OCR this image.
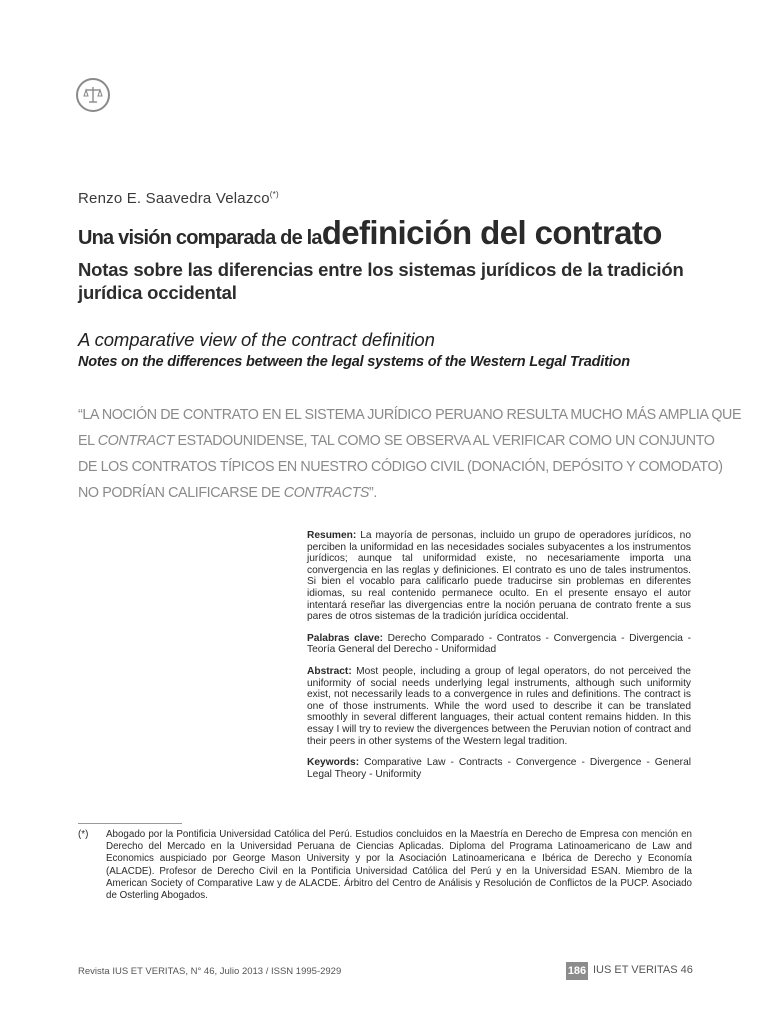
Renzo E. Saavedra Velazco(*)
Una visión comparada de ladefinición del contrato
Notas sobre las diferencias entre los sistemas jurídicos de la tradición jurídica occidental
A comparative view of the contract definition
Notes on the differences between the legal systems of the Western Legal Tradition
“LA NOCIÓN DE CONTRATO EN EL SISTEMA JURÍDICO PERUANO RESULTA MUCHO MÁS AMPLIA QUE
EL CONTRACT ESTADOUNIDENSE, TAL COMO SE OBSERVA AL VERIFICAR COMO UN CONJUNTO
DE LOS CONTRATOS TÍPICOS EN NUESTRO CÓDIGO CIVIL (DONACIÓN, DEPÓSITO Y COMODATO)
NO PODRÍAN CALIFICARSE DE CONTRACTS”.

Resumen: La mayoría de personas, incluido un grupo de operadores jurídicos, no perciben la uniformidad en las necesidades sociales subyacentes a los instrumentos jurídicos; aunque tal uniformidad existe, no necesariamente importa una convergencia en las reglas y definiciones. El contrato es uno de tales instrumentos. Si bien el vocablo para calificarlo puede traducirse sin problemas en diferentes idiomas, su real contenido permanece oculto. En el presente ensayo el autor intentará reseñar las divergencias entre la noción peruana de contrato frente a sus pares de otros sistemas de la tradición jurídica occidental.

Palabras clave: Derecho Comparado - Contratos - Convergencia - Divergencia - Teoría General del Derecho - Uniformidad

Abstract: Most people, including a group of legal operators, do not perceived the uniformity of social needs underlying legal instruments, although such uniformity exist, not necessarily leads to a convergence in rules and definitions. The contract is one of those instruments. While the word used to describe it can be translated smoothly in several different languages, their actual content remains hidden. In this essay I will try to review the divergences between the Peruvian notion of contract and their peers in other systems of the Western legal tradition.

Keywords: Comparative Law - Contracts - Convergence - Divergence - General Legal Theory - Uniformity

(*) Abogado por la Pontificia Universidad Católica del Perú. Estudios concluidos en la Maestría en Derecho de Empresa con mención en Derecho del Mercado en la Universidad Peruana de Ciencias Aplicadas. Diploma del Programa Latinoamericano de Law and Economics auspiciado por George Mason University y por la Asociación Latinoamericana e Ibérica de Derecho y Economía (ALACDE). Profesor de Derecho Civil en la Pontificia Universidad Católica del Perú y en la Universidad ESAN. Miembro de la American Society of Comparative Law y de ALACDE. Árbitro del Centro de Análisis y Resolución de Conflictos de la PUCP. Asociado de Osterling Abogados.
Revista IUS ET VERITAS, N° 46, Julio 2013 / ISSN 1995-2929	186 IUS ET VERITAS 46
